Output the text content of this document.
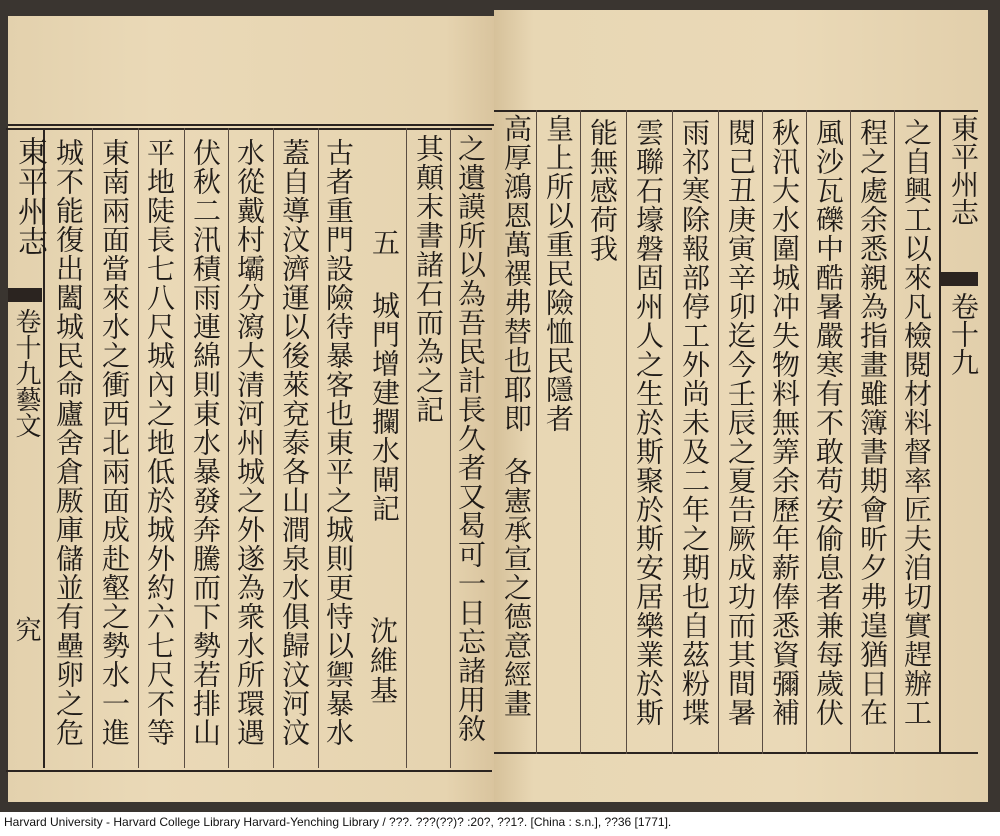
東平州志
卷十九藝文
究	之遺謨所以為吾民計長久者又曷可一日忘諸用敘
其顛末書諸石而為之記
五 城門增建攔水閘記
沈維基
古者重門設險待暴客也東平之城則更恃以禦暴水
蓋自導汶濟運以後萊兗泰各山澗泉水俱歸汶河汶
水從戴村壩分瀉大清河州城之外遂為衆水所環遇
伏秋二汛積雨連綿則東水暴發奔騰而下勢若排山
平地陡長七八尺城內之地低於城外約六七尺不等
東南兩面當來水之衝西北兩面成赴壑之勢水一進
城不能復出闔城民命廬舍倉厫庫儲並有壘卵之危	東平州志
卷十九
之自興工以來凡檢閱材料督率匠夫洎切實趕辦工
程之處余悉親為指畫雖簿書期會昕夕弗遑猶日在
風沙瓦礫中酷暑嚴寒有不敢苟安偷息者兼每歲伏
秋汛大水圍城冲失物料無筭余歷年薪俸悉資彌補
閱己丑庚寅辛卯迄今壬辰之夏告厥成功而其間暑
雨祁寒除報部停工外尚未及二年之期也自茲粉堞
雲聯石壕磐固州人之生於斯聚於斯安居樂業於斯
能無感荷我
皇上所以重民險恤民隱者
高厚鴻恩萬禩弗替也耶即
各憲承宣之德意經畫
Harvard University - Harvard College Library Harvard-Yenching Library / ???. ???(??)? :20?, ??1?. [China : s.n.], ??36 [1771].
